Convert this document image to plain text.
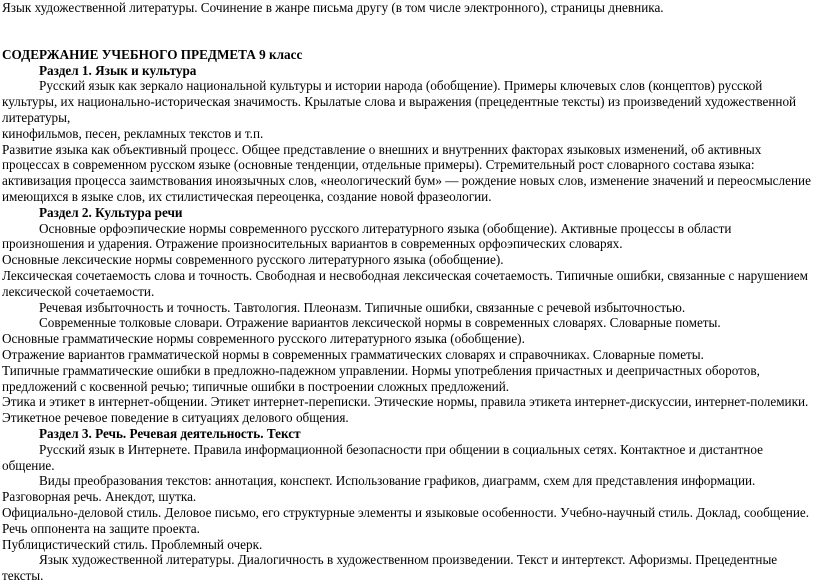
Язык художественной литературы. Сочинение в жанре письма другу (в том числе электронного), страницы дневника.

СОДЕРЖАНИЕ УЧЕБНОГО ПРЕДМЕТА 9 класс

Раздел 1. Язык и культура

Русский язык как зеркало национальной культуры и истории народа (обобщение). Примеры ключевых слов (концептов) русской культуры, их национально-историческая значимость. Крылатые слова и выражения (прецедентные тексты) из произведений художественной литературы,

кинофильмов, песен, рекламных текстов и т.п.

Развитие языка как объективный процесс. Общее представление о внешних и внутренних факторах языковых изменений, об активных процессах в современном русском языке (основные тенденции, отдельные примеры). Стремительный рост словарного состава языка: активизация процесса заимствования иноязычных слов, «неологический бум» — рождение новых слов, изменение значений и переосмысление имеющихся в языке слов, их стилистическая переоценка, создание новой фразеологии.

Раздел 2. Культура речи

Основные орфоэпические нормы современного русского литературного языка (обобщение). Активные процессы в области произношения и ударения. Отражение произносительных вариантов в современных орфоэпических словарях.

Основные лексические нормы современного русского литературного языка (обобщение).

Лексическая сочетаемость слова и точность. Свободная и несвободная лексическая сочетаемость. Типичные ошибки, связанные с нарушением лексической сочетаемости.

Речевая избыточность и точность. Тавтология. Плеоназм. Типичные ошибки, связанные с речевой избыточностью.

Современные толковые словари. Отражение вариантов лексической нормы в современных словарях. Словарные пометы.

Основные грамматические нормы современного русского литературного языка (обобщение).

Отражение вариантов грамматической нормы в современных грамматических словарях и справочниках. Словарные пометы.

Типичные грамматические ошибки в предложно-падежном управлении. Нормы употребления причастных и деепричастных оборотов, предложений с косвенной речью; типичные ошибки в построении сложных предложений.

Этика и этикет в интернет-общении. Этикет интернет-переписки. Этические нормы, правила этикета интернет-дискуссии, интернет-полемики. Этикетное речевое поведение в ситуациях делового общения.

Раздел 3. Речь. Речевая деятельность. Текст

Русский язык в Интернете. Правила информационной безопасности при общении в социальных сетях. Контактное и дистантное общение.

Виды преобразования текстов: аннотация, конспект. Использование графиков, диаграмм, схем для представления информации.

Разговорная речь. Анекдот, шутка.

Официально-деловой стиль. Деловое письмо, его структурные элементы и языковые особенности. Учебно-научный стиль. Доклад, сообщение. Речь оппонента на защите проекта.

Публицистический стиль. Проблемный очерк.

Язык художественной литературы. Диалогичность в художественном произведении. Текст и интертекст. Афоризмы. Прецедентные тексты.
